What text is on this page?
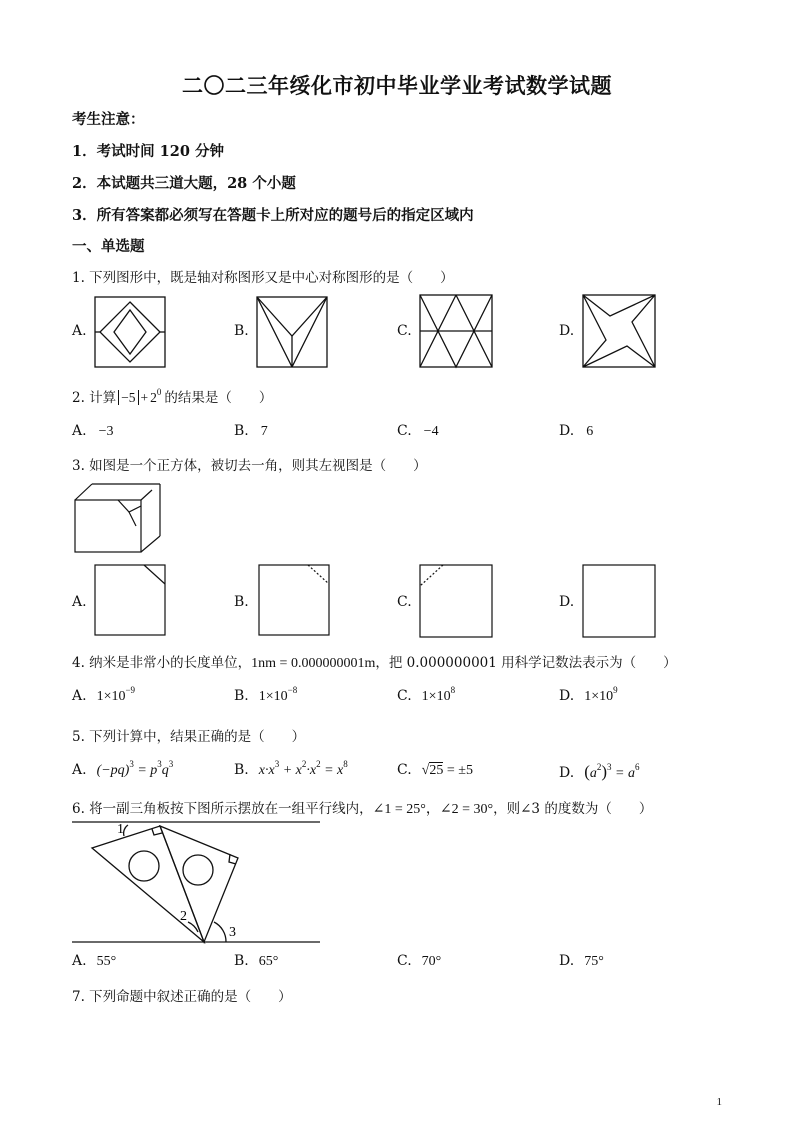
二〇二三年绥化市初中毕业学业考试数学试题
考生注意：
1．考试时间 120 分钟
2．本试题共三道大题，28 个小题
3．所有答案都必须写在答题卡上所对应的题号后的指定区域内
一、单选题
1. 下列图形中，既是轴对称图形又是中心对称图形的是（　　）
A.	B.	C.	D.
2. 计算 $-5 + 2^0$ 的结果是（　　）
A. −3	B. 7	C. −4	D. 6
3. 如图是一个正方体，被切去一角，则其左视图是（　　）
A.	B.	C.	D.
4. 纳米是非常小的长度单位，1nm = 0.000000001m，把 0.000000001 用科学记数法表示为（　　）
A. $1\times 10^{-9}$	B. $1\times 10^{-8}$	C. $1\times 10^8$	D. $1\times 10^9$
5. 下列计算中，结果正确的是（　　）
A. $(-pq)^3 = p^3q^3$	B. $x\cdot x^3 + x^2\cdot x^2 = x^8$	C. √25 = ±5	D. $(a^2)^3 = a^6$
6. 将一副三角板按下图所示摆放在一组平行线内，∠1 = 25°，∠2 = 30°，则∠3 的度数为（　　）
1
2
3
A. 55°	B. 65°	C. 70°	D. 75°
7. 下列命题中叙述正确的是（　　）
1
